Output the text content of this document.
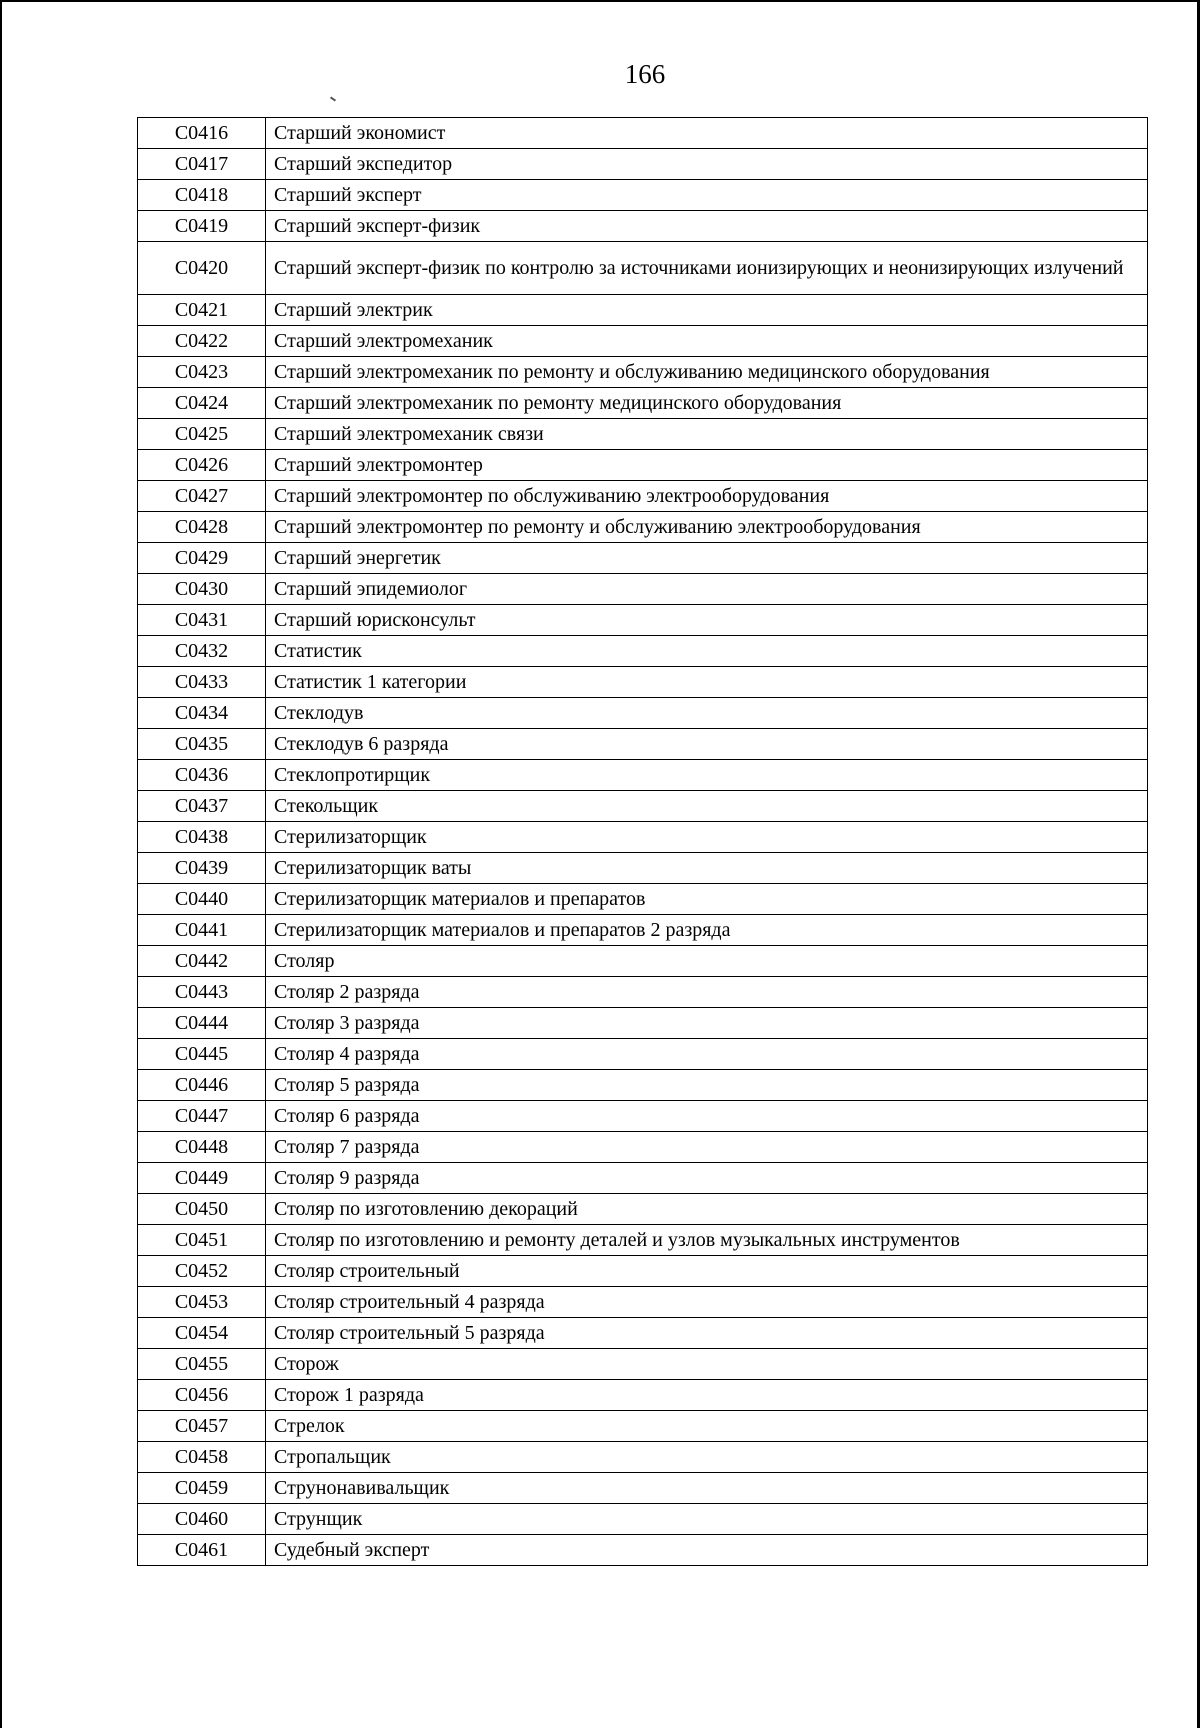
166
C0416	Старший экономист
C0417	Старший экспедитор
C0418	Старший эксперт
C0419	Старший эксперт-физик
C0420	Старший эксперт-физик по контролю за источниками ионизирующих и неонизирующих излучений
C0421	Старший электрик
C0422	Старший электромеханик
C0423	Старший электромеханик по ремонту и обслуживанию медицинского оборудования
C0424	Старший электромеханик по ремонту медицинского оборудования
C0425	Старший электромеханик связи
C0426	Старший электромонтер
C0427	Старший электромонтер по обслуживанию электрооборудования
C0428	Старший электромонтер по ремонту и обслуживанию электрооборудования
C0429	Старший энергетик
C0430	Старший эпидемиолог
C0431	Старший юрисконсульт
C0432	Статистик
C0433	Статистик 1 категории
C0434	Стеклодув
C0435	Стеклодув 6 разряда
C0436	Стеклопротирщик
C0437	Стекольщик
C0438	Стерилизаторщик
C0439	Стерилизаторщик ваты
C0440	Стерилизаторщик материалов и препаратов
C0441	Стерилизаторщик материалов и препаратов 2 разряда
C0442	Столяр
C0443	Столяр 2 разряда
C0444	Столяр 3 разряда
C0445	Столяр 4 разряда
C0446	Столяр 5 разряда
C0447	Столяр 6 разряда
C0448	Столяр 7 разряда
C0449	Столяр 9 разряда
C0450	Столяр по изготовлению декораций
C0451	Столяр по изготовлению и ремонту деталей и узлов музыкальных инструментов
C0452	Столяр строительный
C0453	Столяр строительный 4 разряда
C0454	Столяр строительный 5 разряда
C0455	Сторож
C0456	Сторож 1 разряда
C0457	Стрелок
C0458	Стропальщик
C0459	Струнонавивальщик
C0460	Струнщик
C0461	Судебный эксперт
